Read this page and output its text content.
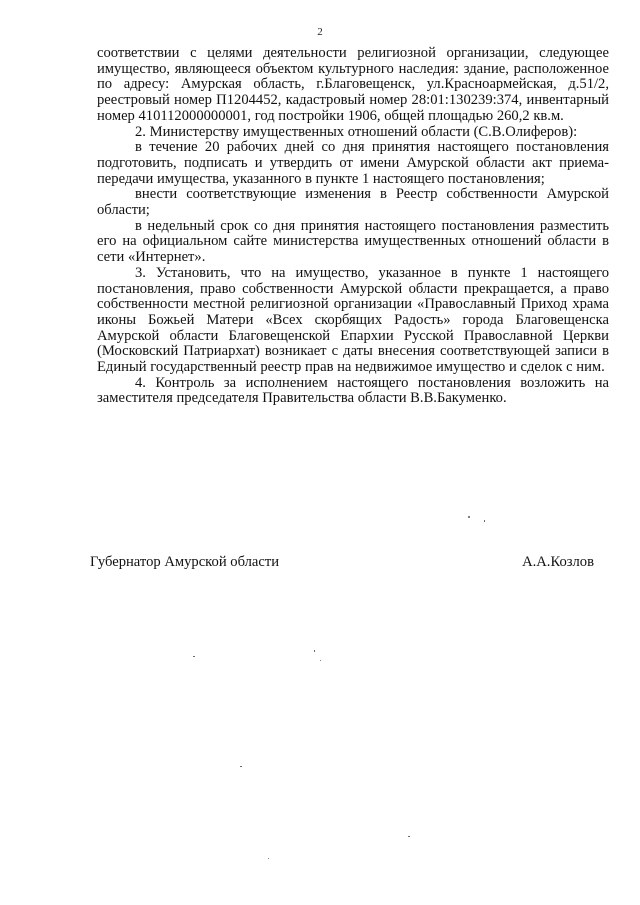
2

соответствии с целями деятельности религиозной организации, следующее имущество, являющееся объектом культурного наследия: здание, расположенное по адресу: Амурская область, г.Благовещенск, ул.Красноармейская, д.51/2, реестровый номер П1204452, кадастровый номер 28:01:130239:374, инвентарный номер 410112000000001, год постройки 1906, общей площадью 260,2 кв.м.

2. Министерству имущественных отношений области (С.В.Олиферов):

в течение 20 рабочих дней со дня принятия настоящего постановления подготовить, подписать и утвердить от имени Амурской области акт приема-передачи имущества, указанного в пункте 1 настоящего постановления;

внести соответствующие изменения в Реестр собственности Амурской области;

в недельный срок со дня принятия настоящего постановления разместить его на официальном сайте министерства имущественных отношений области в сети «Интернет».

3. Установить, что на имущество, указанное в пункте 1 настоящего постановления, право собственности Амурской области прекращается, а право собственности местной религиозной организации «Православный Приход храма иконы Божьей Матери «Всех скорбящих Радость» города Благовещенска Амурской области Благовещенской Епархии Русской Православной Церкви (Московский Патриархат) возникает с даты внесения соответствующей записи в Единый государственный реестр прав на недвижимое имущество и сделок с ним.

4. Контроль за исполнением настоящего постановления возложить на заместителя председателя Правительства области В.В.Бакуменко.

Губернатор Амурской области	А.А.Козлов
